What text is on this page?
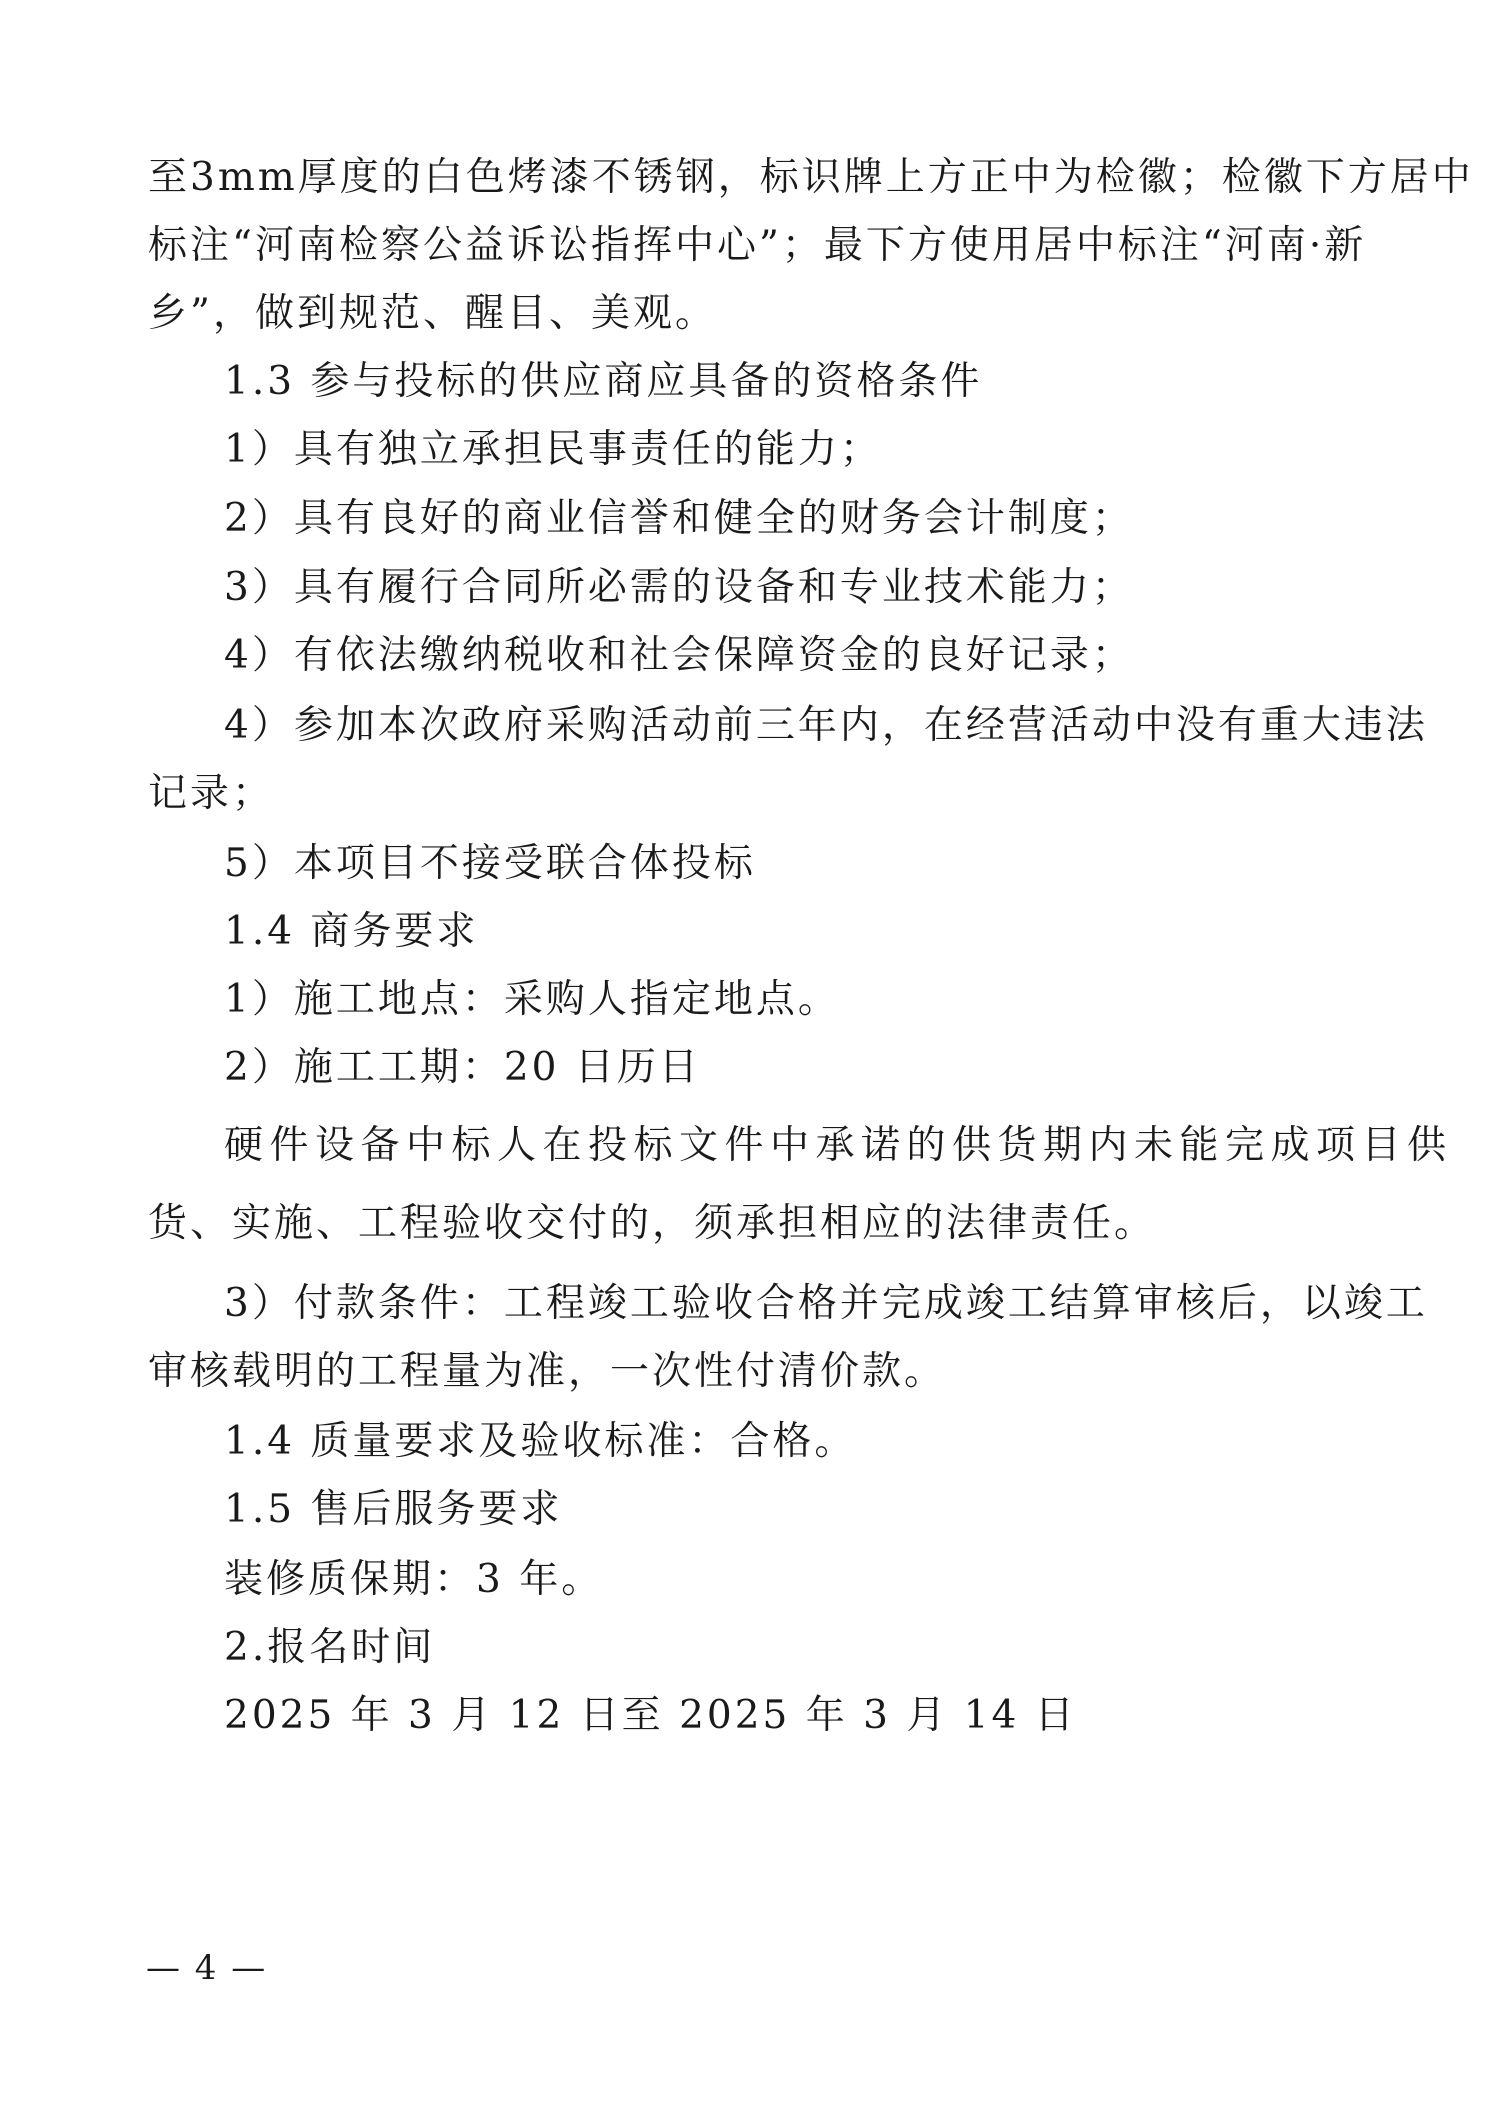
至3mm厚度的白色烤漆不锈钢，标识牌上方正中为检徽；检徽下方居中
标注“河南检察公益诉讼指挥中心”；最下方使用居中标注“河南·新
乡”，做到规范、醒目、美观。
1.3 参与投标的供应商应具备的资格条件
1）具有独立承担民事责任的能力；
2）具有良好的商业信誉和健全的财务会计制度；
3）具有履行合同所必需的设备和专业技术能力；
4）有依法缴纳税收和社会保障资金的良好记录；
4）参加本次政府采购活动前三年内，在经营活动中没有重大违法
记录；
5）本项目不接受联合体投标
1.4 商务要求
1）施工地点：采购人指定地点。
2）施工工期：20 日历日
硬件设备中标人在投标文件中承诺的供货期内未能完成项目供
货、实施、工程验收交付的，须承担相应的法律责任。
3）付款条件：工程竣工验收合格并完成竣工结算审核后，以竣工
审核载明的工程量为准，一次性付清价款。
1.4 质量要求及验收标准：合格。
1.5 售后服务要求
装修质保期：3 年。
2.报名时间
2025 年 3 月 12 日至 2025 年 3 月 14 日
— 4 —
